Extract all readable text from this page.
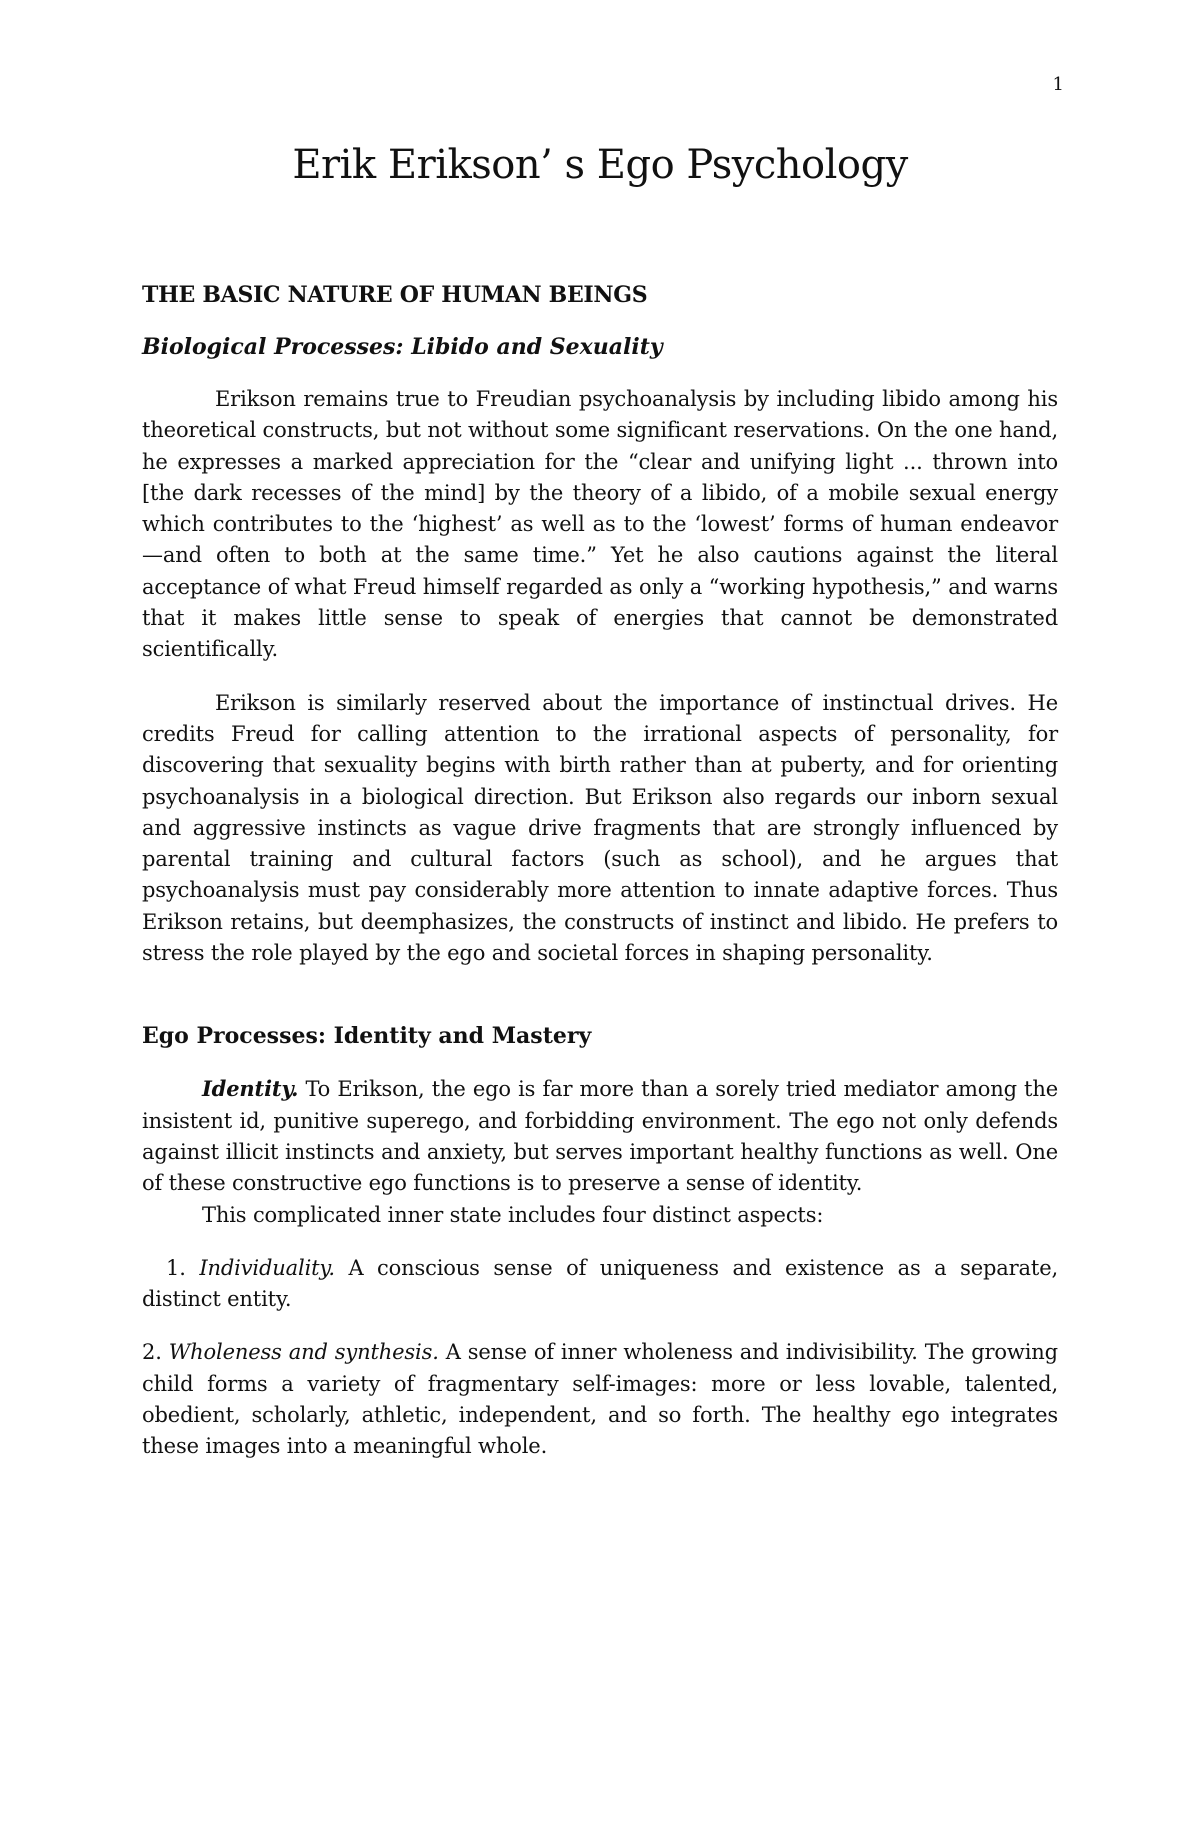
1
Erik Erikson’ s Ego Psychology
THE BASIC NATURE OF HUMAN BEINGS
Biological Processes: Libido and Sexuality

Erikson remains true to Freudian psychoanalysis by including libido among his theoretical constructs, but not without some significant reservations. On the one hand, he expresses a marked appreciation for the “clear and unifying light ... thrown into [the dark recesses of the mind] by the theory of a libido, of a mobile sexual energy which contributes to the ‘highest’ as well as to the ‘lowest’ forms of human endeavor—and often to both at the same time.” Yet he also cautions against the literal acceptance of what Freud himself regarded as only a “working hypothesis,” and warns that it makes little sense to speak of energies that cannot be demonstrated scientifically.

Erikson is similarly reserved about the importance of instinctual drives. He credits Freud for calling attention to the irrational aspects of personality, for discovering that sexuality begins with birth rather than at puberty, and for orienting psychoanalysis in a biological direction. But Erikson also regards our inborn sexual and aggressive instincts as vague drive fragments that are strongly influenced by parental training and cultural factors (such as school), and he argues that psychoanalysis must pay considerably more attention to innate adaptive forces. Thus Erikson retains, but deemphasizes, the constructs of instinct and libido. He prefers to stress the role played by the ego and societal forces in shaping personality.

Ego Processes: Identity and Mastery

Identity. To Erikson, the ego is far more than a sorely tried mediator among the insistent id, punitive superego, and forbidding environment. The ego not only defends against illicit instincts and anxiety, but serves important healthy functions as well. One of these constructive ego functions is to preserve a sense of identity.

This complicated inner state includes four distinct aspects:

1. Individuality. A conscious sense of uniqueness and existence as a separate, distinct entity.

2. Wholeness and synthesis. A sense of inner wholeness and indivisibility. The growing child forms a variety of fragmentary self-images: more or less lovable, talented, obedient, scholarly, athletic, independent, and so forth. The healthy ego integrates these images into a meaningful whole.
